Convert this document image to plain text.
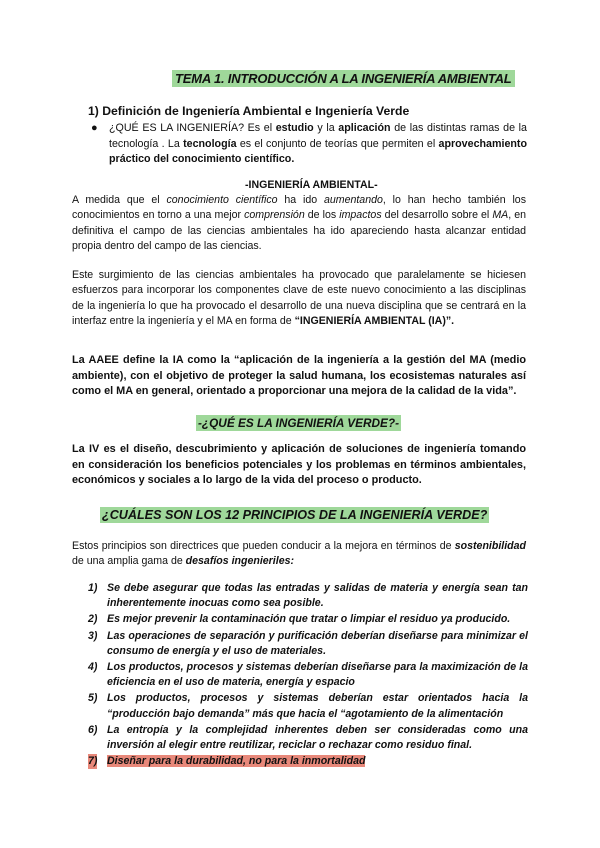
TEMA 1. INTRODUCCIÓN A LA INGENIERÍA AMBIENTAL
1) Definición de Ingeniería Ambiental e Ingeniería Verde
● ¿QUÉ ES LA INGENIERÍA? Es el estudio y la aplicación de las distintas ramas de la tecnología . La tecnología es el conjunto de teorías que permiten el aprovechamiento práctico del conocimiento científico.
-INGENIERÍA AMBIENTAL-
A medida que el conocimiento científico ha ido aumentando, lo han hecho también los conocimientos en torno a una mejor comprensión de los impactos del desarrollo sobre el MA, en definitiva el campo de las ciencias ambientales ha ido apareciendo hasta alcanzar entidad propia dentro del campo de las ciencias.
Este surgimiento de las ciencias ambientales ha provocado que paralelamente se hiciesen esfuerzos para incorporar los componentes clave de este nuevo conocimiento a las disciplinas de la ingeniería lo que ha provocado el desarrollo de una nueva disciplina que se centrará en la interfaz entre la ingeniería y el MA en forma de “INGENIERÍA AMBIENTAL (IA)”.
La AAEE define la IA como la “aplicación de la ingeniería a la gestión del MA (medio ambiente), con el objetivo de proteger la salud humana, los ecosistemas naturales así como el MA en general, orientado a proporcionar una mejora de la calidad de la vida”.
-¿QUÉ ES LA INGENIERÍA VERDE?-
La IV es el diseño, descubrimiento y aplicación de soluciones de ingeniería tomando en consideración los beneficios potenciales y los problemas en términos ambientales, económicos y sociales a lo largo de la vida del proceso o producto.
¿CUÁLES SON LOS 12 PRINCIPIOS DE LA INGENIERÍA VERDE?
Estos principios son directrices que pueden conducir a la mejora en términos de sostenibilidad de una amplia gama de desafíos ingenieriles:
1) Se debe asegurar que todas las entradas y salidas de materia y energía sean tan inherentemente inocuas como sea posible.
2) Es mejor prevenir la contaminación que tratar o limpiar el residuo ya producido.
3) Las operaciones de separación y purificación deberían diseñarse para minimizar el consumo de energía y el uso de materiales.
4) Los productos, procesos y sistemas deberían diseñarse para la maximización de la eficiencia en el uso de materia, energía y espacio
5) Los productos, procesos y sistemas deberían estar orientados hacia la “producción bajo demanda” más que hacia el “agotamiento de la alimentación
6) La entropía y la complejidad inherentes deben ser consideradas como una inversión al elegir entre reutilizar, reciclar o rechazar como residuo final.
7) Diseñar para la durabilidad, no para la inmortalidad
